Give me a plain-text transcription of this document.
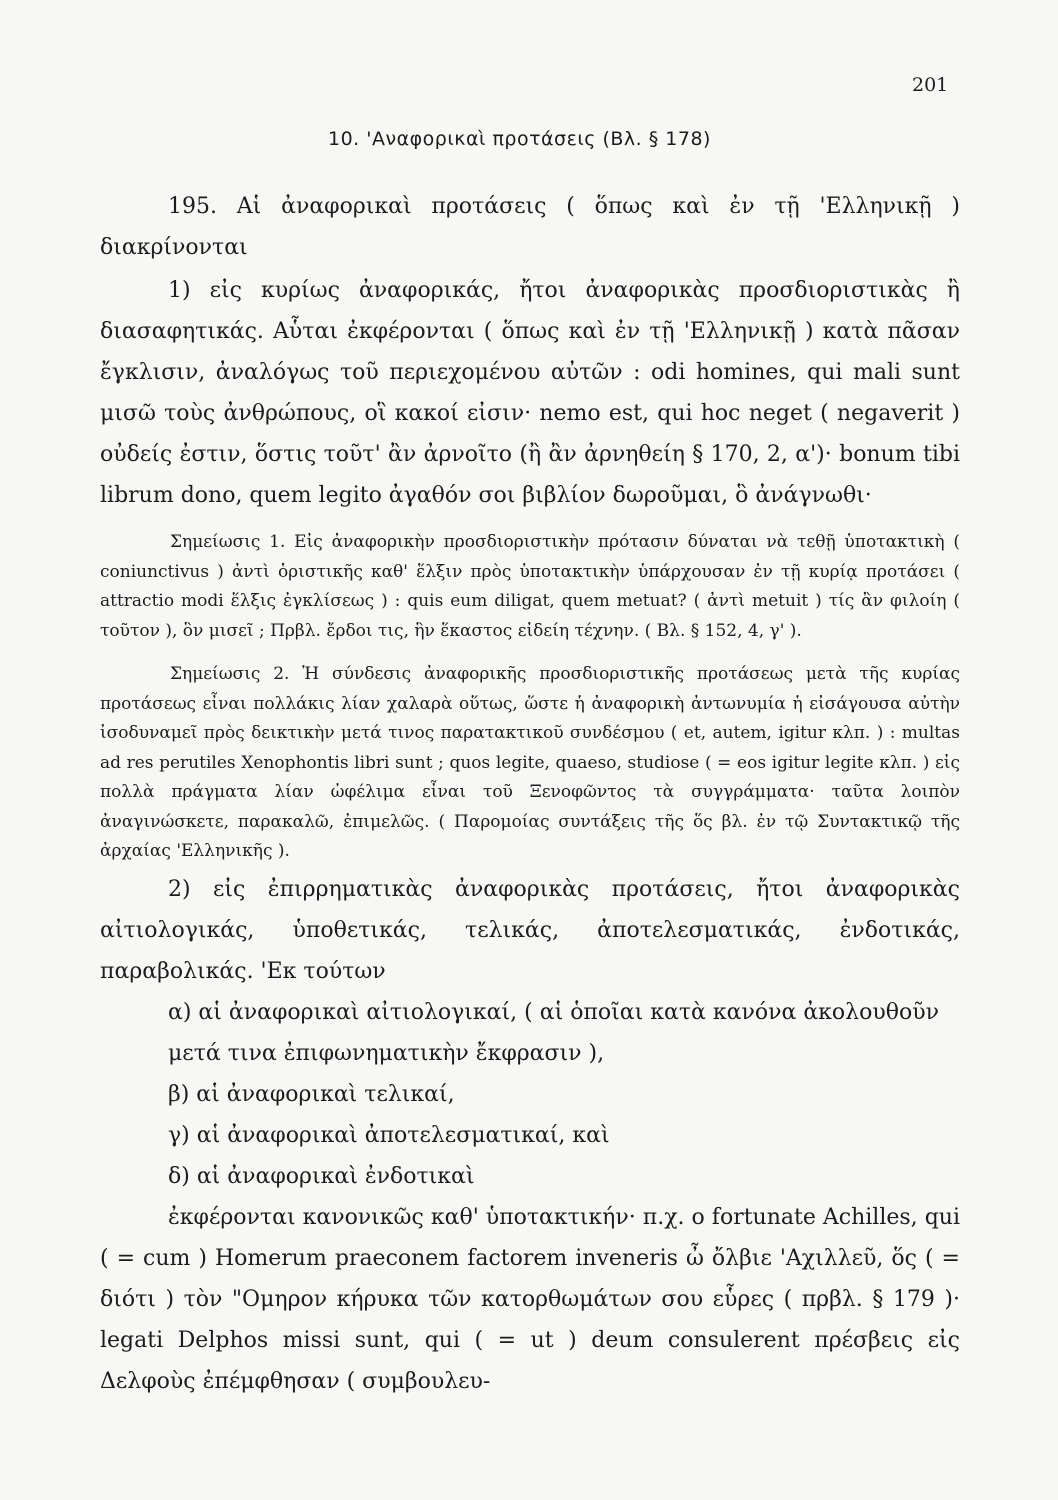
201
10. 'Αναφορικαὶ προτάσεις (Βλ. § 178)

195. Αἱ ἀναφορικαὶ προτάσεις ( ὅπως καὶ ἐν τῇ 'Ελληνικῇ ) διακρίνονται

1) εἰς κυρίως ἀναφορικάς, ἤτοι ἀναφορικὰς προσδιοριστικὰς ἢ διασαφητικάς. Αὗται ἐκφέρονται ( ὅπως καὶ ἐν τῇ 'Ελληνικῇ ) κατὰ πᾶσαν ἔγκλισιν, ἀναλόγως τοῦ περιεχομένου αὐτῶν : odi homines, qui mali sunt μισῶ τοὺς ἀνθρώπους, οἳ κακοί εἰσιν· nemo est, qui hoc neget ( negaverit ) οὐδείς ἐστιν, ὅστις τοῦτ' ἂν ἀρνοῖτο (ἢ ἂν ἀρνηθείη § 170, 2, α')· bonum tibi librum dono, quem legito ἀγαθόν σοι βιβλίον δωροῦμαι, ὃ ἀνάγνωθι·

Σημείωσις 1. Εἰς ἀναφορικὴν προσδιοριστικὴν πρότασιν δύναται νὰ τεθῇ ὑποτακτικὴ ( coniunctivus ) ἀντὶ ὁριστικῆς καθ' ἕλξιν πρὸς ὑποτακτικὴν ὑπάρχουσαν ἐν τῇ κυρίᾳ προτάσει ( attractio modi ἕλξις ἐγκλίσεως ) : quis eum diligat, quem metuat? ( ἀντὶ metuit ) τίς ἂν φιλοίη ( τοῦτον ), ὃν μισεῖ ; Πρβλ. ἔρδοι τις, ἣν ἕκαστος εἰδείη τέχνην. ( Βλ. § 152, 4, γ' ).

Σημείωσις 2. Ἡ σύνδεσις ἀναφορικῆς προσδιοριστικῆς προτάσεως μετὰ τῆς κυρίας προτάσεως εἶναι πολλάκις λίαν χαλαρὰ οὕτως, ὥστε ἡ ἀναφορικὴ ἀντωνυμία ἡ εἰσάγουσα αὐτὴν ἰσοδυναμεῖ πρὸς δεικτικὴν μετά τινος παρατακτικοῦ συνδέσμου ( et, autem, igitur κλπ. ) : multas ad res perutiles Xenophontis libri sunt ; quos legite, quaeso, studiose ( = eos igitur legite κλπ. ) εἰς πολλὰ πράγματα λίαν ὠφέλιμα εἶναι τοῦ Ξενοφῶντος τὰ συγγράμματα· ταῦτα λοιπὸν ἀναγινώσκετε, παρακαλῶ, ἐπιμελῶς. ( Παρομοίας συντάξεις τῆς ὅς βλ. ἐν τῷ Συντακτικῷ τῆς ἀρχαίας 'Ελληνικῆς ).

2) εἰς ἐπιρρηματικὰς ἀναφορικὰς προτάσεις, ἤτοι ἀναφορικὰς αἰτιολογικάς, ὑποθετικάς, τελικάς, ἀποτελεσματικάς, ἐνδοτικάς, παραβολικάς. 'Εκ τούτων

α) αἱ ἀναφορικαὶ αἰτιολογικαί, ( αἱ ὁποῖαι κατὰ κανόνα ἀκολουθοῦν μετά τινα ἐπιφωνηματικὴν ἔκφρασιν ),
β) αἱ ἀναφορικαὶ τελικαί,
γ) αἱ ἀναφορικαὶ ἀποτελεσματικαί, καὶ
δ) αἱ ἀναφορικαὶ ἐνδοτικαὶ

ἐκφέρονται κανονικῶς καθ' ὑποτακτικήν· π.χ. o fortunate Achilles, qui ( = cum ) Homerum praeconem factorem inveneris ὦ ὄλβιε 'Αχιλλεῦ, ὅς ( = διότι ) τὸν "Ομηρον κήρυκα τῶν κατορθωμάτων σου εὗρες ( πρβλ. § 179 )· legati Delphos missi sunt, qui ( = ut ) deum consulerent πρέσβεις εἰς Δελφοὺς ἐπέμφθησαν ( συμβουλευ-
